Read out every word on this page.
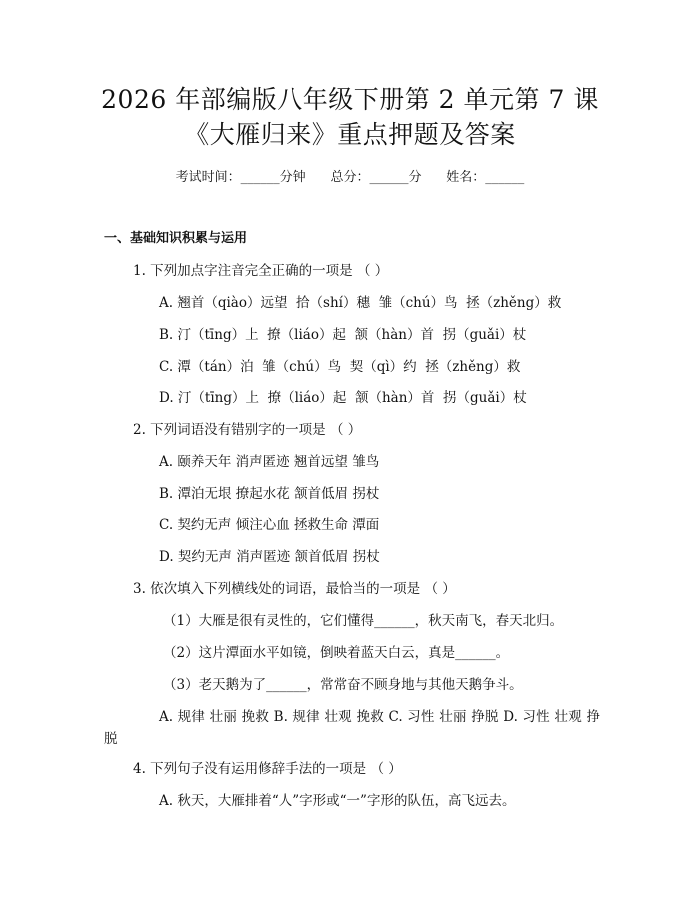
2026 年部编版八年级下册第 2 单元第 7 课
《大雁归来》重点押题及答案
考试时间：______分钟 总分：______分 姓名：______
一、基础知识积累与运用
1. 下列加点字注音完全正确的一项是 （ ）
A. 翘首（qiào）远望  拾（shí）穗  雏（chú）鸟  拯（zhěng）救
B. 汀（tīng）上  撩（liáo）起  颔（hàn）首  拐（guǎi）杖
C. 潭（tán）泊  雏（chú）鸟  契（qì）约  拯（zhěng）救
D. 汀（tīng）上  撩（liáo）起  颔（hàn）首  拐（guǎi）杖
2. 下列词语没有错别字的一项是 （ ）
A. 颐养天年 消声匿迹 翘首远望 雏鸟
B. 潭泊无垠 撩起水花 颔首低眉 拐杖
C. 契约无声 倾注心血 拯救生命 潭面
D. 契约无声 消声匿迹 颔首低眉 拐杖
3. 依次填入下列横线处的词语，最恰当的一项是 （ ）
（1）大雁是很有灵性的，它们懂得______，秋天南飞，春天北归。
（2）这片潭面水平如镜，倒映着蓝天白云，真是______。
（3）老天鹅为了______，常常奋不顾身地与其他天鹅争斗。
A. 规律 壮丽 挽救 B. 规律 壮观 挽救 C. 习性 壮丽 挣脱 D. 习性 壮观 挣脱
4. 下列句子没有运用修辞手法的一项是 （ ）
A. 秋天，大雁排着“人”字形或“一”字形的队伍，高飞远去。
